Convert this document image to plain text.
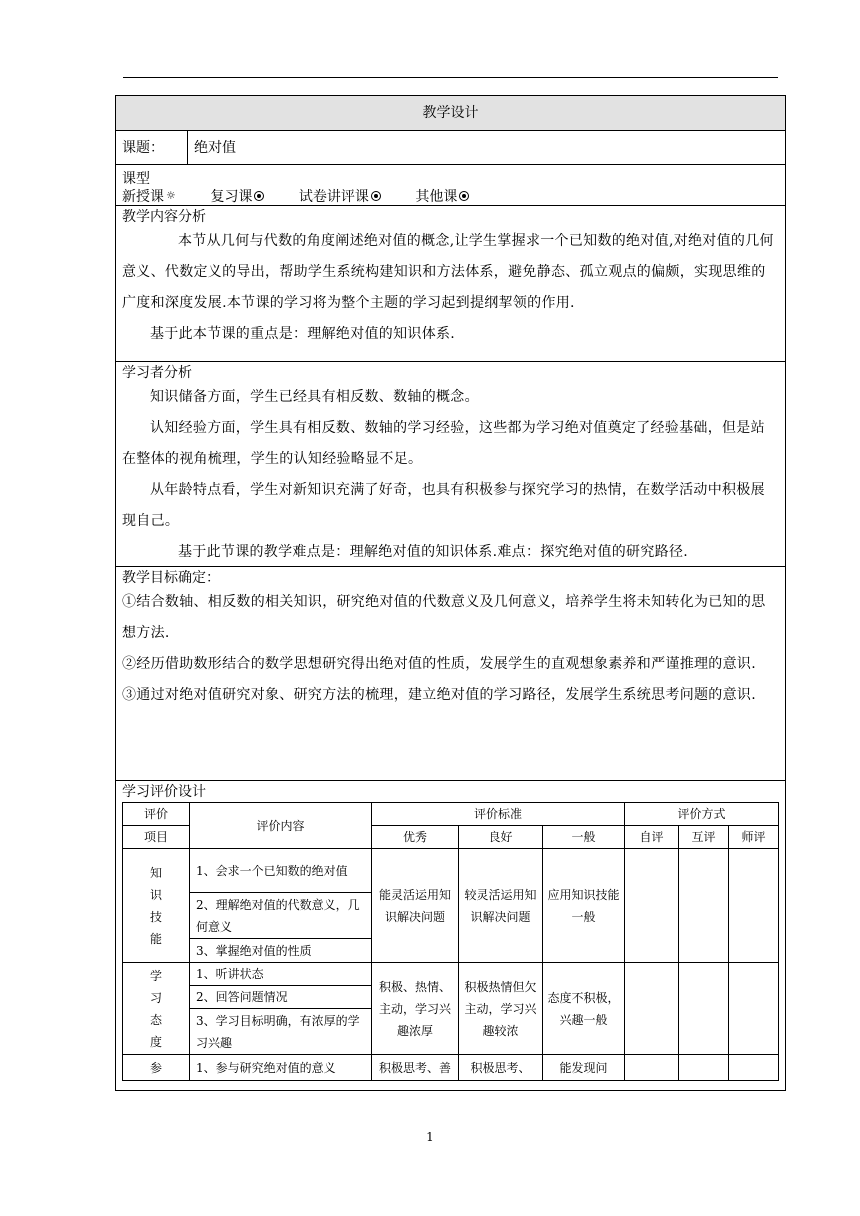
教学设计
课题：	绝对值
课型
新授课 ☼ 复习课	试卷讲评课	其他课
教学内容分析
本节从几何与代数的角度阐述绝对值的概念,让学生掌握求一个已知数的绝对值,对绝对值的几何意义、代数定义的导出，帮助学生系统构建知识和方法体系，避免静态、孤立观点的偏颇，实现思维的广度和深度发展.本节课的学习将为整个主题的学习起到提纲挈领的作用.
基于此本节课的重点是：理解绝对值的知识体系.
学习者分析
知识储备方面，学生已经具有相反数、数轴的概念。
认知经验方面，学生具有相反数、数轴的学习经验，这些都为学习绝对值奠定了经验基础，但是站在整体的视角梳理，学生的认知经验略显不足。
从年龄特点看，学生对新知识充满了好奇，也具有积极参与探究学习的热情，在数学活动中积极展现自己。
基于此节课的教学难点是：理解绝对值的知识体系.难点：探究绝对值的研究路径.
教学目标确定：
①结合数轴、相反数的相关知识，研究绝对值的代数意义及几何意义，培养学生将未知转化为已知的思想方法.
②经历借助数形结合的数学思想研究得出绝对值的性质，发展学生的直观想象素养和严谨推理的意识.
③通过对绝对值研究对象、研究方法的梳理，建立绝对值的学习路径，发展学生系统思考问题的意识.
学习评价设计
评价	评价内容	评价标准			评价方式		
项目		优秀	良好	一般	自评	互评	师评

知
识
技
能	1、会求一个已知数的绝对值	能灵活运用知识解决问题	较灵活运用知识解决问题	应用知识技能一般			
	2、理解绝对值的代数意义，几何意义						
	3、掌握绝对值的性质						

学
习
态
度	1、听讲状态	积极、热情、主动，学习兴趣浓厚	积极热情但欠主动，学习兴趣较浓	态度不积极，兴趣一般			
	2、回答问题情况						
	3、学习目标明确，有浓厚的学习兴趣						
参	1、参与研究绝对值的意义	积极思考、善	积极思考、	能发现问			
1
